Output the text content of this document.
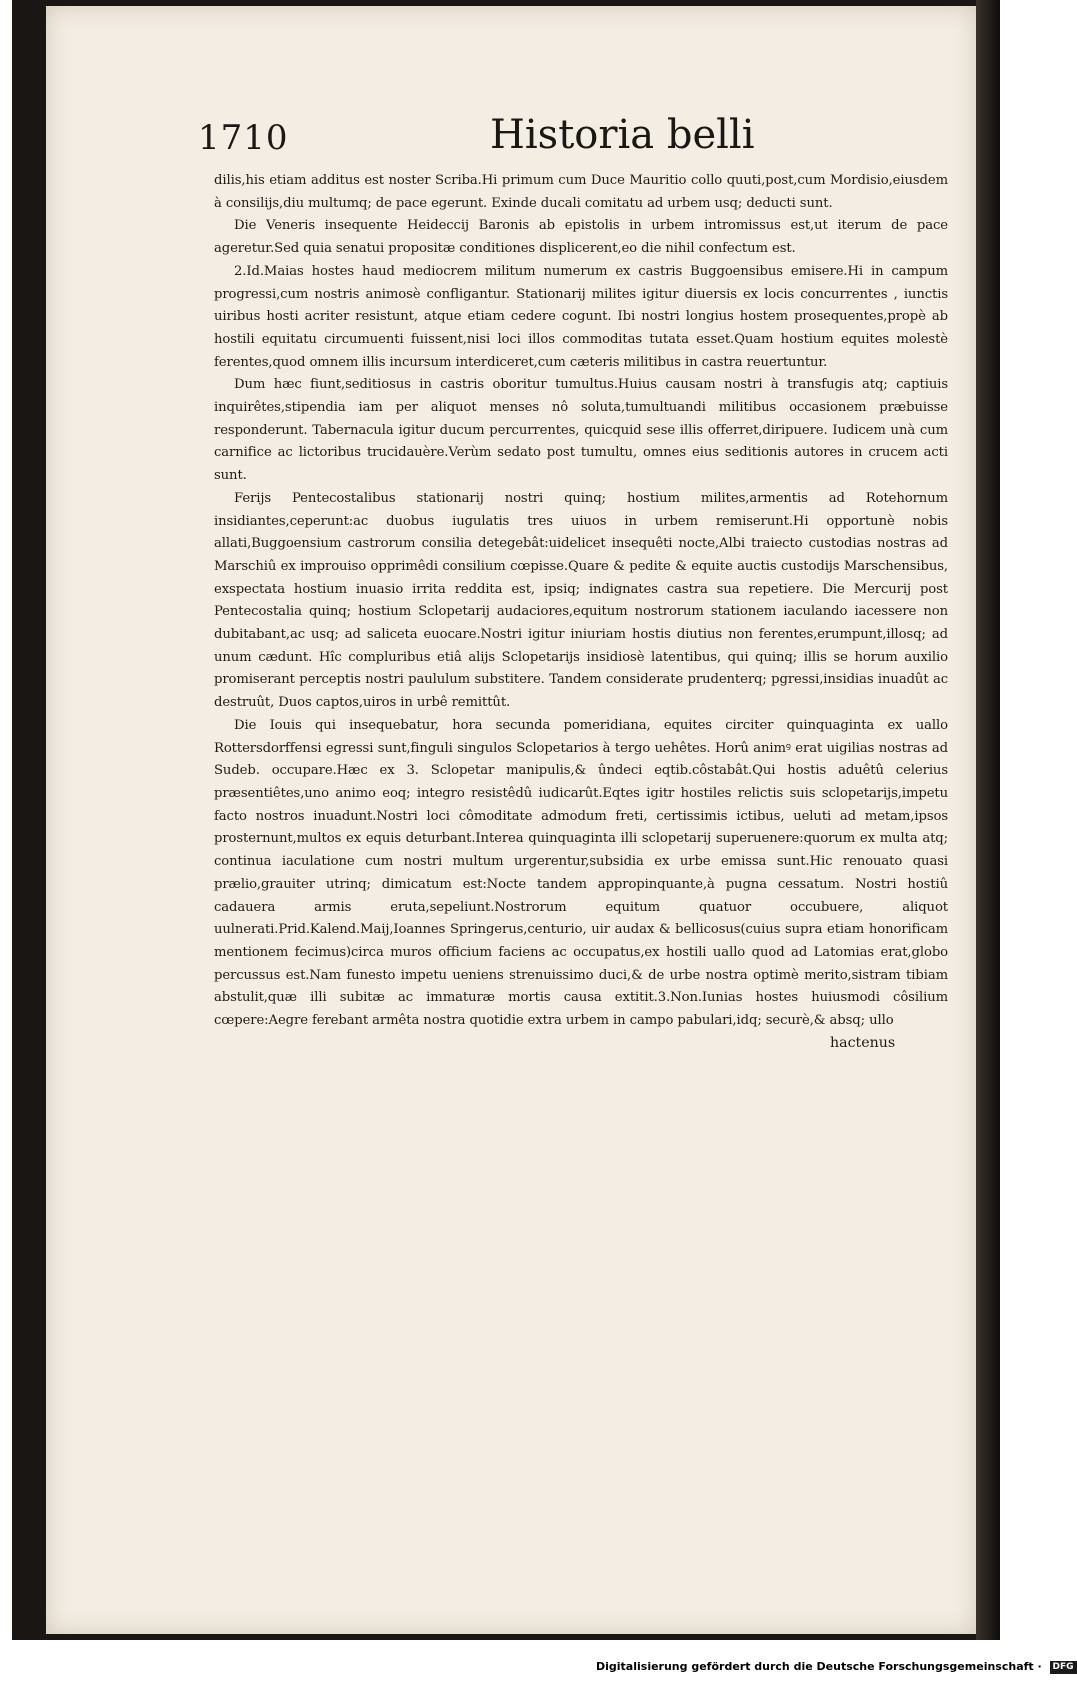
1710	Historia belli

dilis,his etiam additus est noster Scriba.Hi primum cum Duce Mauritio collo quuti,post,cum Mordisio,eiusdem à consilijs,diu multumq; de pace egerunt. Exinde ducali comitatu ad urbem usq; deducti sunt.

Die Veneris insequente Heideccij Baronis ab epistolis in urbem intromissus est,ut iterum de pace ageretur.Sed quia senatui propositæ conditiones displicerent,eo die nihil confectum est.

2.Id.Maias hostes haud mediocrem militum numerum ex castris Buggoensibus emisere.Hi in campum progressi,cum nostris animosè confligantur. Stationarij milites igitur diuersis ex locis concurrentes , iunctis uiribus hosti acriter resistunt, atque etiam cedere cogunt. Ibi nostri longius hostem prosequentes,propè ab hostili equitatu circumuenti fuissent,nisi loci illos commoditas tutata esset.Quam hostium equites molestè ferentes,quod omnem illis incursum interdiceret,cum cæteris militibus in castra reuertuntur.

Dum hæc fiunt,seditiosus in castris oboritur tumultus.Huius causam nostri à transfugis atq; captiuis inquirêtes,stipendia iam per aliquot menses nô soluta,tumultuandi militibus occasionem præbuisse responderunt. Tabernacula igitur ducum percurrentes, quicquid sese illis offerret,diripuere. Iudicem unà cum carnifice ac lictoribus trucidauère.Verùm sedato post tumultu, omnes eius seditionis autores in crucem acti sunt.

Ferijs Pentecostalibus stationarij nostri quinq; hostium milites,armentis ad Rotehornum insidiantes,ceperunt:ac duobus iugulatis tres uiuos in urbem remiserunt.Hi opportunè nobis allati,Buggoensium castrorum consilia detegebât:uidelicet insequêti nocte,Albi traiecto custodias nostras ad Marschiû ex improuiso opprimêdi consilium cœpisse.Quare & pedite & equite auctis custodijs Marschensibus, exspectata hostium inuasio irrita reddita est, ipsiq; indignates castra sua repetiere. Die Mercurij post Pentecostalia quinq; hostium Sclopetarij audaciores,equitum nostrorum stationem iaculando iacessere non dubitabant,ac usq; ad saliceta euocare.Nostri igitur iniuriam hostis diutius non ferentes,erumpunt,illosq; ad unum cædunt. Hîc compluribus etiâ alijs Sclopetarijs insidiosè latentibus, qui quinq; illis se horum auxilio promiserant perceptis nostri paululum substitere. Tandem considerate prudenterq; pgressi,insidias inuadût ac destruût, Duos captos,uiros in urbê remittût.

Die Iouis qui insequebatur, hora secunda pomeridiana, equites circiter quinquaginta ex uallo Rottersdorffensi egressi sunt,finguli singulos Sclopetarios à tergo uehêtes. Horû animꝰ erat uigilias nostras ad Sudeb. occupare.Hæc ex 3. Sclopetar manipulis,& ûndeci eqtib.côstabât.Qui hostis aduêtû celerius præsentiêtes,uno animo eoq; integro resistêdû iudicarût.Eqtes igitr hostiles relictis suis sclopetarijs,impetu facto nostros inuadunt.Nostri loci cômoditate admodum freti, certissimis ictibus, ueluti ad metam,ipsos prosternunt,multos ex equis deturbant.Interea quinquaginta illi sclopetarij superuenere:quorum ex multa atq; continua iaculatione cum nostri multum urgerentur,subsidia ex urbe emissa sunt.Hic renouato quasi prælio,grauiter utrinq; dimicatum est:Nocte tandem appropinquante,à pugna cessatum. Nostri hostiû cadauera armis eruta,sepeliunt.Nostrorum equitum quatuor occubuere, aliquot uulnerati.Prid.Kalend.Maij,Ioannes Springerus,centurio, uir audax & bellicosus(cuius supra etiam honorificam mentionem fecimus)circa muros officium faciens ac occupatus,ex hostili uallo quod ad Latomias erat,globo percussus est.Nam funesto impetu ueniens strenuissimo duci,& de urbe nostra optimè merito,sistram tibiam abstulit,quæ illi subitæ ac immaturæ mortis causa extitit.3.Non.Iunias hostes huiusmodi côsilium cœpere:Aegre ferebant armêta nostra quotidie extra urbem in campo pabulari,idq; securè,& absq; ullo

hactenus
Digitalisierung gefördert durch die Deutsche Forschungsgemeinschaft · DFG
